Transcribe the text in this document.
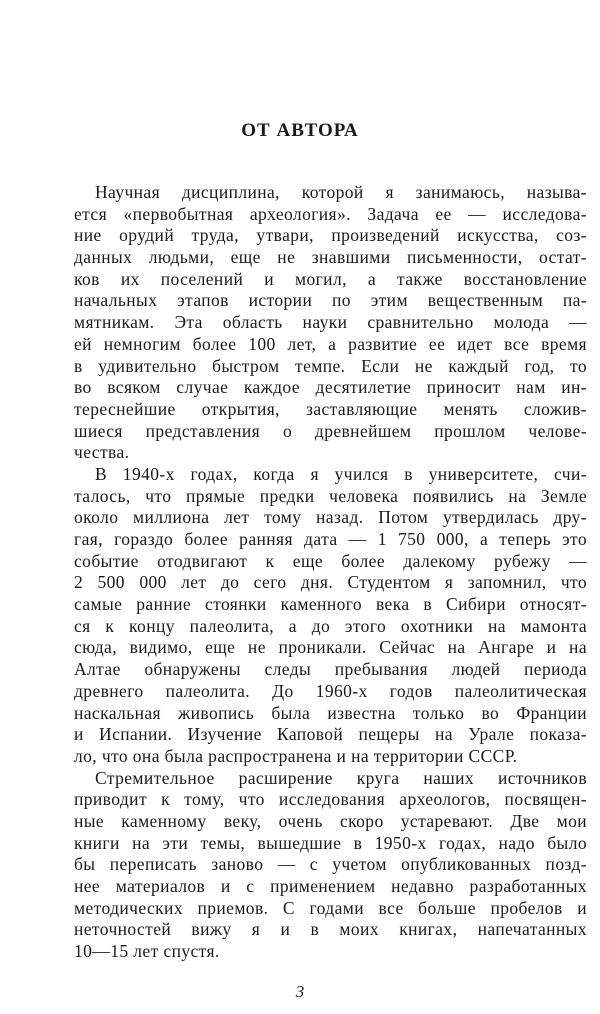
ОТ АВТОРА
Научная дисциплина, которой я занимаюсь, называ-
ется «первобытная археология». Задача ее — исследова-
ние орудий труда, утвари, произведений искусства, соз-
данных людьми, еще не знавшими письменности, остат-
ков их поселений и могил, а также восстановление
начальных этапов истории по этим вещественным па-
мятникам. Эта область науки сравнительно молода —
ей немногим более 100 лет, а развитие ее идет все время
в удивительно быстром темпе. Если не каждый год, то
во всяком случае каждое десятилетие приносит нам ин-
тереснейшие открытия, заставляющие менять сложив-
шиеся представления о древнейшем прошлом челове-
чества.
В 1940-х годах, когда я учился в университете, счи-
талось, что прямые предки человека появились на Земле
около миллиона лет тому назад. Потом утвердилась дру-
гая, гораздо более ранняя дата — 1 750 000, а теперь это
событие отодвигают к еще более далекому рубежу —
2 500 000 лет до сего дня. Студентом я запомнил, что
самые ранние стоянки каменного века в Сибири относят-
ся к концу палеолита, а до этого охотники на мамонта
сюда, видимо, еще не проникали. Сейчас на Ангаре и на
Алтае обнаружены следы пребывания людей периода
древнего палеолита. До 1960-х годов палеолитическая
наскальная живопись была известна только во Франции
и Испании. Изучение Каповой пещеры на Урале показа-
ло, что она была распространена и на территории СССР.
Стремительное расширение круга наших источников
приводит к тому, что исследования археологов, посвящен-
ные каменному веку, очень скоро устаревают. Две мои
книги на эти темы, вышедшие в 1950-х годах, надо было
бы переписать заново — с учетом опубликованных позд-
нее материалов и с применением недавно разработанных
методических приемов. С годами все больше пробелов и
неточностей вижу я и в моих книгах, напечатанных
10—15 лет спустя.
3
